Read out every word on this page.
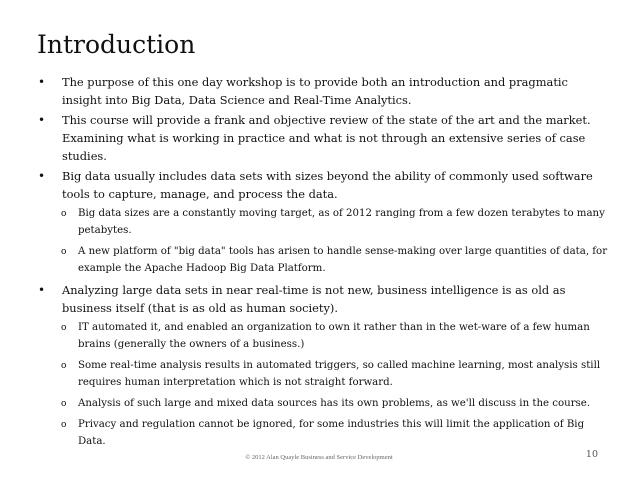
Introduction
• The purpose of this one day workshop is to provide both an introduction and pragmatic insight into Big Data, Data Science and Real-Time Analytics.
• This course will provide a frank and objective review of the state of the art and the market. Examining what is working in practice and what is not through an extensive series of case studies.
• Big data usually includes data sets with sizes beyond the ability of commonly used software tools to capture, manage, and process the data.
o Big data sizes are a constantly moving target, as of 2012 ranging from a few dozen terabytes to many petabytes.
o A new platform of "big data" tools has arisen to handle sense-making over large quantities of data, for example the Apache Hadoop Big Data Platform.
• Analyzing large data sets in near real-time is not new, business intelligence is as old as business itself (that is as old as human society).
o IT automated it, and enabled an organization to own it rather than in the wet-ware of a few human brains (generally the owners of a business.)
o Some real-time analysis results in automated triggers, so called machine learning, most analysis still requires human interpretation which is not straight forward.
o Analysis of such large and mixed data sources has its own problems, as we'll discuss in the course.
o Privacy and regulation cannot be ignored, for some industries this will limit the application of Big Data.
© 2012 Alan Quayle Business and Service Development	10
